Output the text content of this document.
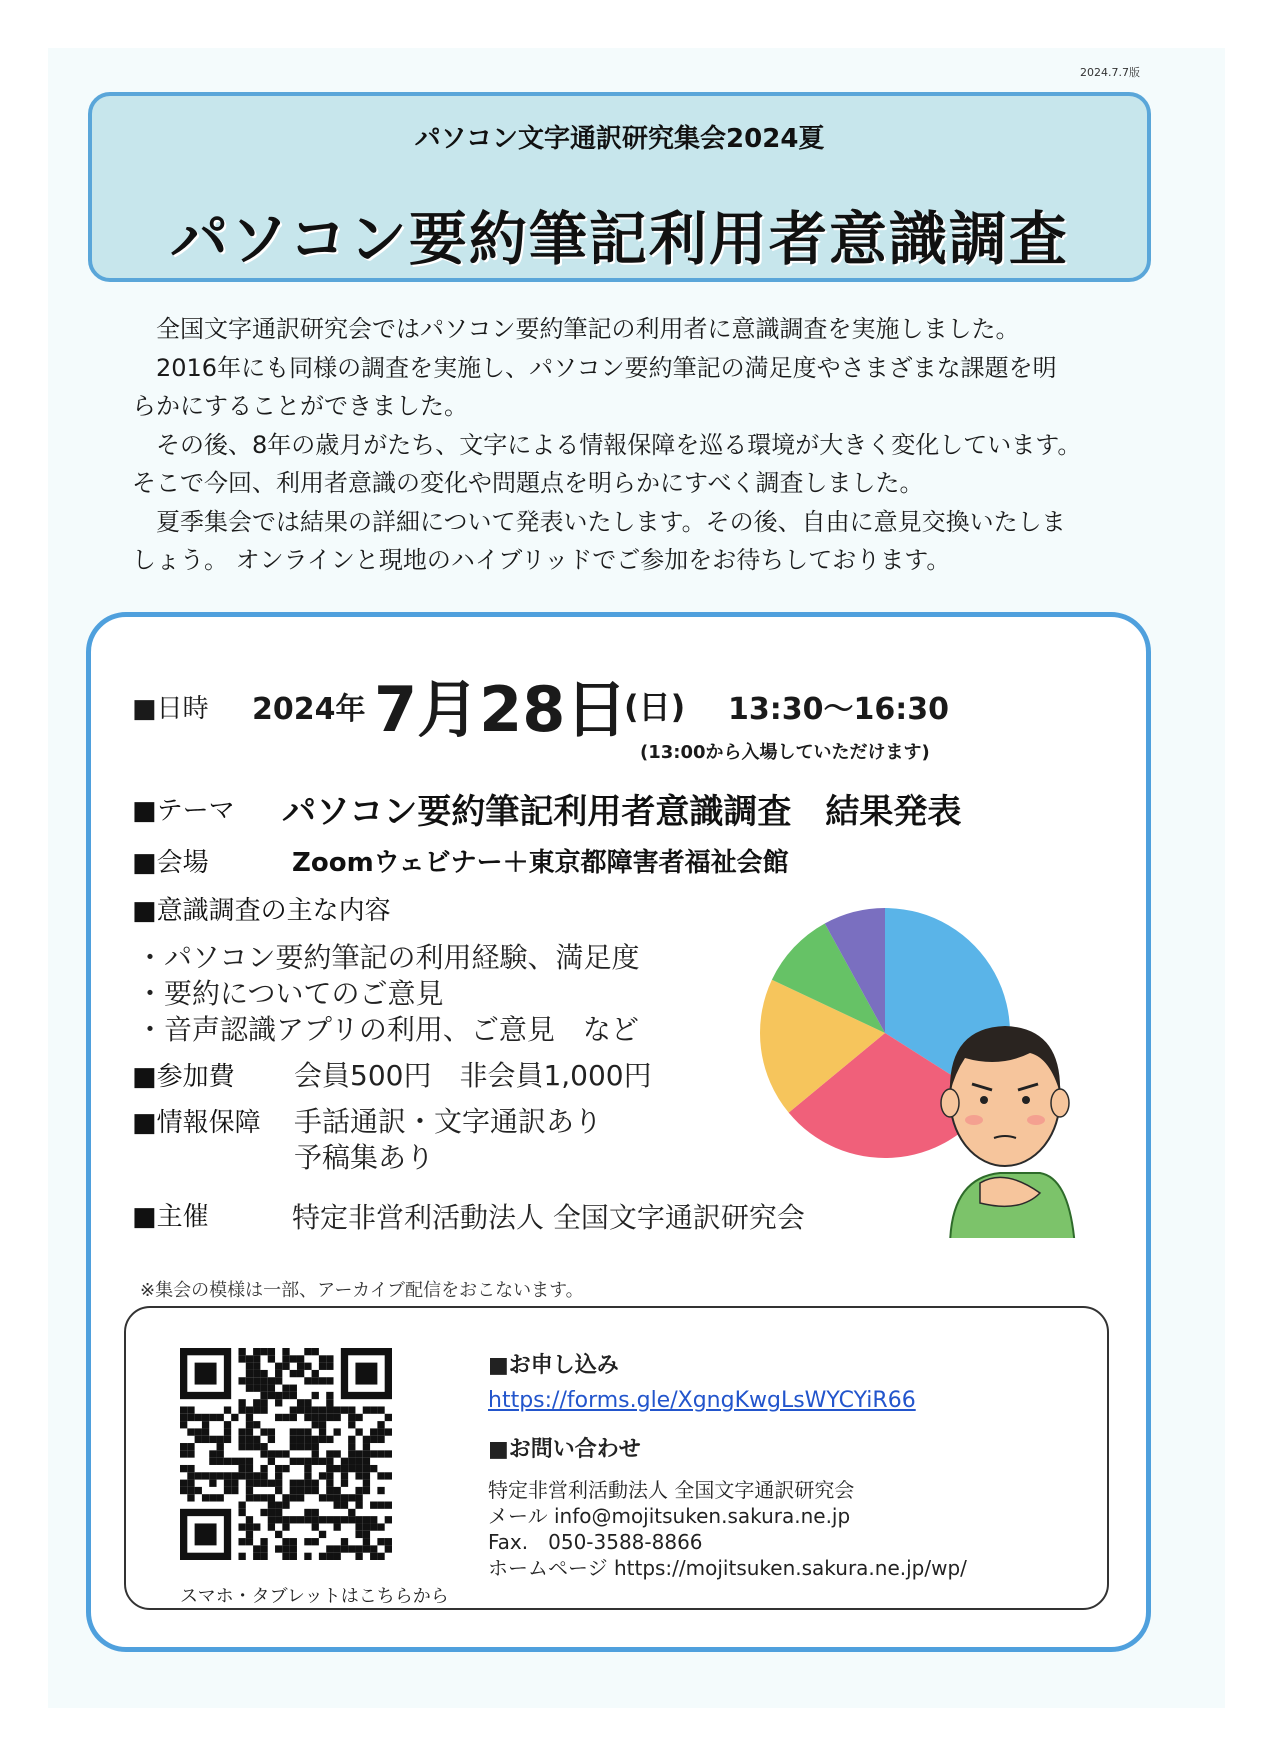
2024.7.7版
パソコン文字通訳研究集会2024夏
パソコン要約筆記利用者意識調査

全国文字通訳研究会ではパソコン要約筆記の利用者に意識調査を実施しました。

2016年にも同様の調査を実施し、パソコン要約筆記の満足度やさまざまな課題を明

らかにすることができました。

その後、8年の歳月がたち、文字による情報保障を巡る環境が大きく変化しています。

そこで今回、利用者意識の変化や問題点を明らかにすべく調査しました。

夏季集会では結果の詳細について発表いたします。その後、自由に意見交換いたしま

しょう。 オンラインと現地のハイブリッドでご参加をお待ちしております。

■日時 2024年 7月28日
(日) 13:30〜16:30
(13:00から入場していただけます)
■テーマ パソコン要約筆記利用者意識調査　結果発表
■会場	Zoomウェビナー＋東京都障害者福祉会館
■意識調査の主な内容
・パソコン要約筆記の利用経験、満足度
・要約についてのご意見
・音声認識アプリの利用、ご意見　など
■参加費 会員500円　非会員1,000円
■情報保障 手話通訳・文字通訳あり
予稿集あり
■主催	特定非営利活動法人 全国文字通訳研究会
※集会の模様は一部、アーカイブ配信をおこないます。
スマホ・タブレットはこちらから
■お申し込み
https://forms.gle/XgngKwgLsWYCYiR66
■お問い合わせ
特定非営利活動法人 全国文字通訳研究会
メール info@mojitsuken.sakura.ne.jp
Fax.　050-3588-8866
ホームページ https://mojitsuken.sakura.ne.jp/wp/
